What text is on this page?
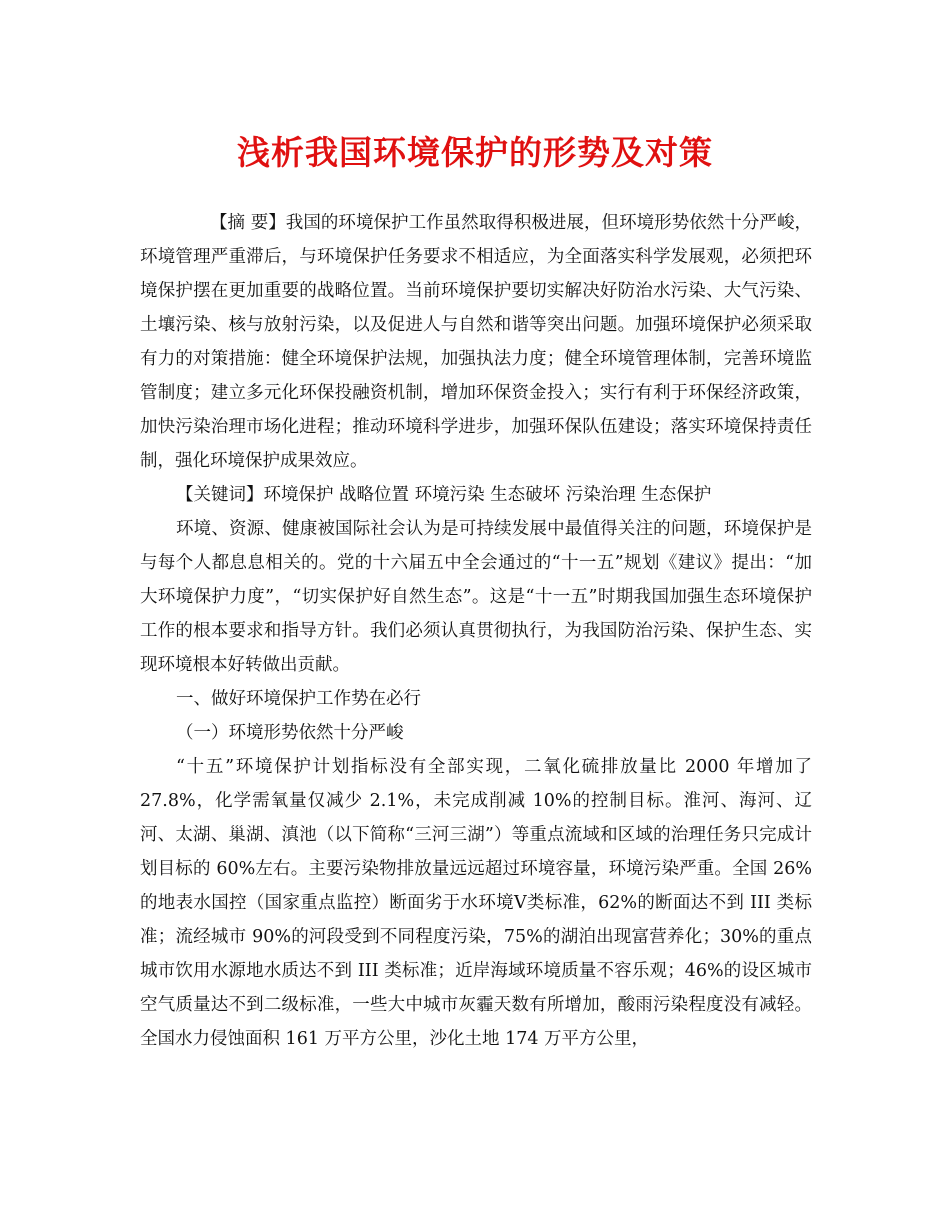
浅析我国环境保护的形势及对策

【摘 要】我国的环境保护工作虽然取得积极进展，但环境形势依然十分严峻，环境管理严重滞后，与环境保护任务要求不相适应，为全面落实科学发展观，必须把环境保护摆在更加重要的战略位置。当前环境保护要切实解决好防治水污染、大气污染、土壤污染、核与放射污染，以及促进人与自然和谐等突出问题。加强环境保护必须采取有力的对策措施：健全环境保护法规，加强执法力度；健全环境管理体制，完善环境监管制度；建立多元化环保投融资机制，增加环保资金投入；实行有利于环保经济政策，加快污染治理市场化进程；推动环境科学进步，加强环保队伍建设；落实环境保持责任制，强化环境保护成果效应。

【关键词】环境保护 战略位置 环境污染 生态破坏 污染治理 生态保护

环境、资源、健康被国际社会认为是可持续发展中最值得关注的问题，环境保护是与每个人都息息相关的。党的十六届五中全会通过的“十一五”规划《建议》提出：“加大环境保护力度”，“切实保护好自然生态”。这是“十一五”时期我国加强生态环境保护工作的根本要求和指导方针。我们必须认真贯彻执行，为我国防治污染、保护生态、实现环境根本好转做出贡献。

一、做好环境保护工作势在必行

（一）环境形势依然十分严峻

“十五”环境保护计划指标没有全部实现，二氧化硫排放量比 2000 年增加了 27.8%，化学需氧量仅减少 2.1%，未完成削减 10%的控制目标。淮河、海河、辽河、太湖、巢湖、滇池（以下简称“三河三湖”）等重点流域和区域的治理任务只完成计划目标的 60%左右。主要污染物排放量远远超过环境容量，环境污染严重。全国 26%的地表水国控（国家重点监控）断面劣于水环境Ⅴ类标准，62%的断面达不到 III 类标准；流经城市 90%的河段受到不同程度污染，75%的湖泊出现富营养化；30%的重点城市饮用水源地水质达不到 III 类标准；近岸海域环境质量不容乐观；46%的设区城市空气质量达不到二级标准，一些大中城市灰霾天数有所增加，酸雨污染程度没有减轻。全国水力侵蚀面积 161 万平方公里，沙化土地 174 万平方公里，
